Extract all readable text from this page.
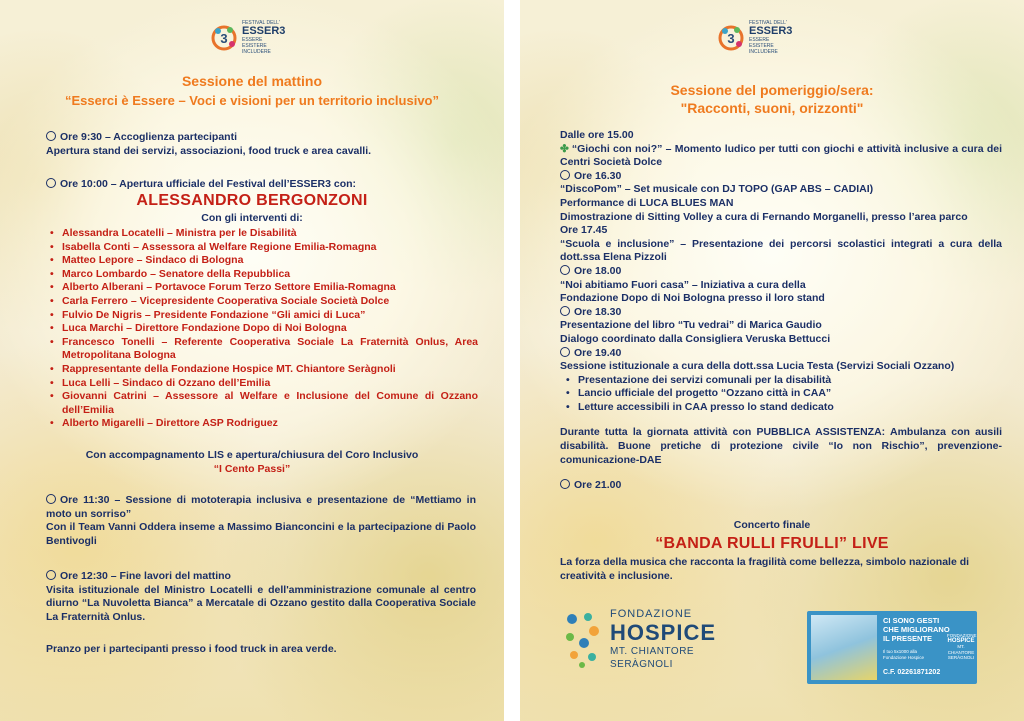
3
FESTIVAL DELL'
ESSER3
ESSERE
ESISTERE
INCLUDERE
Sessione del mattino
“Esserci è Essere – Voci e visioni per un territorio inclusivo”
Ore 9:30 – Accoglienza partecipanti
Apertura stand dei servizi, associazioni, food truck e area cavalli.
Ore 10:00 – Apertura ufficiale del Festival dell’ESSER3 con:
ALESSANDRO BERGONZONI
Con gli interventi di:
• Alessandra Locatelli – Ministra per le Disabilità
• Isabella Conti – Assessora al Welfare Regione Emilia-Romagna
• Matteo Lepore – Sindaco di Bologna
• Marco Lombardo – Senatore della Repubblica
• Alberto Alberani – Portavoce Forum Terzo Settore Emilia-Romagna
• Carla Ferrero – Vicepresidente Cooperativa Sociale Società Dolce
• Fulvio De Nigris – Presidente Fondazione “Gli amici di Luca”
• Luca Marchi – Direttore Fondazione Dopo di Noi Bologna
• Francesco Tonelli – Referente Cooperativa Sociale La Fraternità Onlus, Area Metropolitana Bologna
• Rappresentante della Fondazione Hospice MT. Chiantore Seràgnoli
• Luca Lelli – Sindaco di Ozzano dell’Emilia
• Giovanni Catrini – Assessore al Welfare e Inclusione del Comune di Ozzano dell’Emilia
• Alberto Migarelli – Direttore ASP Rodriguez
Con accompagnamento LIS e apertura/chiusura del Coro Inclusivo
“I Cento Passi”
Ore 11:30 – Sessione di mototerapia inclusiva e presentazione de “Mettiamo in moto un sorriso”
Con il Team Vanni Oddera inseme a Massimo Bianconcini e la partecipazione di Paolo Bentivogli
Ore 12:30 – Fine lavori del mattino
Visita istituzionale del Ministro Locatelli e dell'amministrazione comunale al centro diurno “La Nuvoletta Bianca” a Mercatale di Ozzano gestito dalla Cooperativa Sociale La Fraternità Onlus.
Pranzo per i partecipanti presso i food truck in area verde.
3
FESTIVAL DELL'
ESSER3
ESSERE
ESISTERE
INCLUDERE
Sessione del pomeriggio/sera:
"Racconti, suoni, orizzonti"
Dalle ore 15.00
✤ “Giochi con noi?” – Momento ludico per tutti con giochi e attività inclusive a cura dei Centri Società Dolce
Ore 16.30
“DiscoPom” – Set musicale con DJ TOPO (GAP ABS – CADIAI)
Performance di LUCA BLUES MAN
Dimostrazione di Sitting Volley a cura di Fernando Morganelli, presso l’area parco
Ore 17.45
“Scuola e inclusione” – Presentazione dei percorsi scolastici integrati a cura della dott.ssa Elena Pizzoli
Ore 18.00
“Noi abitiamo Fuori casa” – Iniziativa a cura della
Fondazione Dopo di Noi Bologna presso il loro stand
Ore 18.30
Presentazione del libro “Tu vedrai” di Marica Gaudio
Dialogo coordinato dalla Consigliera Veruska Bettucci
Ore 19.40
Sessione istituzionale a cura della dott.ssa Lucia Testa (Servizi Sociali Ozzano)
• Presentazione dei servizi comunali per la disabilità
• Lancio ufficiale del progetto “Ozzano città in CAA”
• Letture accessibili in CAA presso lo stand dedicato
Durante tutta la giornata attività con PUBBLICA ASSISTENZA: Ambulanza con ausili disabilità. Buone pretiche di protezione civile “Io non Rischio”, prevenzione-comunicazione-DAE
Ore 21.00
Concerto finale
“BANDA RULLI FRULLI” LIVE
La forza della musica che racconta la fragilità come bellezza, simbolo nazionale di creatività e inclusione.
FONDAZIONE
HOSPICE
MT. CHIANTORE
SERÀGNOLI
CI SONO GESTI
CHE MIGLIORANO
IL PRESENTE
Il tuo 5x1000 alla Fondazione Hospice
C.F. 02261871202
FONDAZIONE
HOSPICE
MT. CHIANTORE SERÀGNOLI
